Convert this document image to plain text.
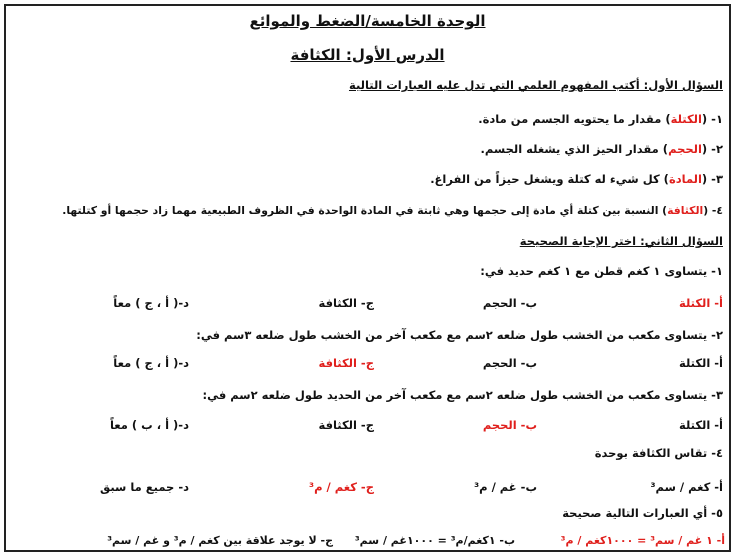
الوحدة الخامسة/الضغط والموائع
الدرس الأول: الكثافة
السؤال الأول: أكتب المفهوم العلمي التي تدل عليه العبارات التالية
١- (الكتلة) مقدار ما يحتويه الجسم من مادة.
٢- (الحجم) مقدار الحيز الذي يشغله الجسم.
٣- (المادة) كل شيء له كتلة ويشغل حيزاً من الفراغ.
٤- (الكثافة) النسبة بين كتلة أي مادة إلى حجمها وهي ثابتة في المادة الواحدة في الظروف الطبيعية مهما زاد حجمها أو كتلتها.
السؤال الثاني: اختر الإجابة الصحيحة
١- يتساوى ١ كغم قطن مع ١ كغم حديد في:
أ- الكتلة
ب- الحجم
ج- الكثافة
د-( أ ، ج ) معاً
٢- يتساوى مكعب من الخشب طول ضلعه ٢سم مع مكعب آخر من الخشب طول ضلعه ٣سم في:
أ- الكتلة
ب- الحجم
ج- الكثافة
د-( أ ، ج ) معاً
٣- يتساوى مكعب من الخشب طول ضلعه ٢سم مع مكعب آخر من الحديد طول ضلعه ٢سم في:
أ- الكتلة
ب- الحجم
ج- الكثافة
د-( أ ، ب ) معاً
٤- تقاس الكثافة بوحدة
أ- كغم / سم³
ب- غم / م³
ج- كغم / م³
د- جميع ما سبق
٥- أي العبارات التالية صحيحة
أ- ١ غم / سم³ = ١٠٠٠كغم / م³
ب- ١كغم/م³ = ١٠٠٠غم / سم³
ج- لا يوجد علاقة بين كغم / م³ و غم / سم³
